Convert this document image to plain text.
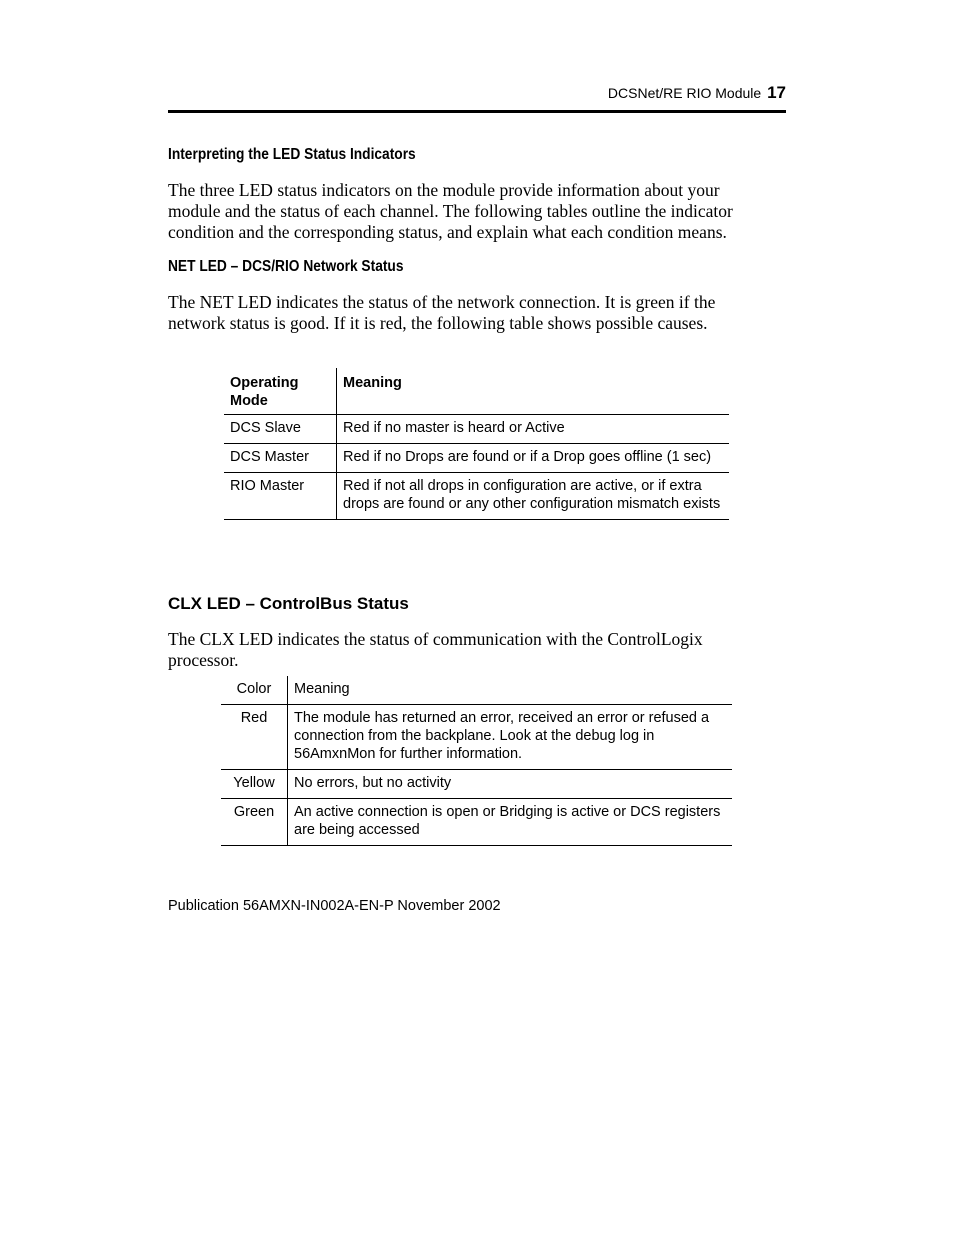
DCSNet/RE RIO Module 17
Interpreting the LED Status Indicators
The three LED status indicators on the module provide information about your module and the status of each channel. The following tables outline the indicator condition and the corresponding status, and explain what each condition means.
NET LED – DCS/RIO Network Status
The NET LED indicates the status of the network connection. It is green if the network status is good. If it is red, the following table shows possible causes.
Operating Mode	Meaning
DCS Slave	Red if no master is heard or Active
DCS Master	Red if no Drops are found or if a Drop goes offline (1 sec)
RIO Master	Red if not all drops in configuration are active, or if extra drops are found or any other configuration mismatch exists
CLX LED – ControlBus Status
The CLX LED indicates the status of communication with the ControlLogix processor.
Color	Meaning
Red	The module has returned an error, received an error or refused a connection from the backplane. Look at the debug log in 56AmxnMon for further information.
Yellow	No errors, but no activity
Green	An active connection is open or Bridging is active or DCS registers are being accessed
Publication 56AMXN-IN002A-EN-P November 2002
